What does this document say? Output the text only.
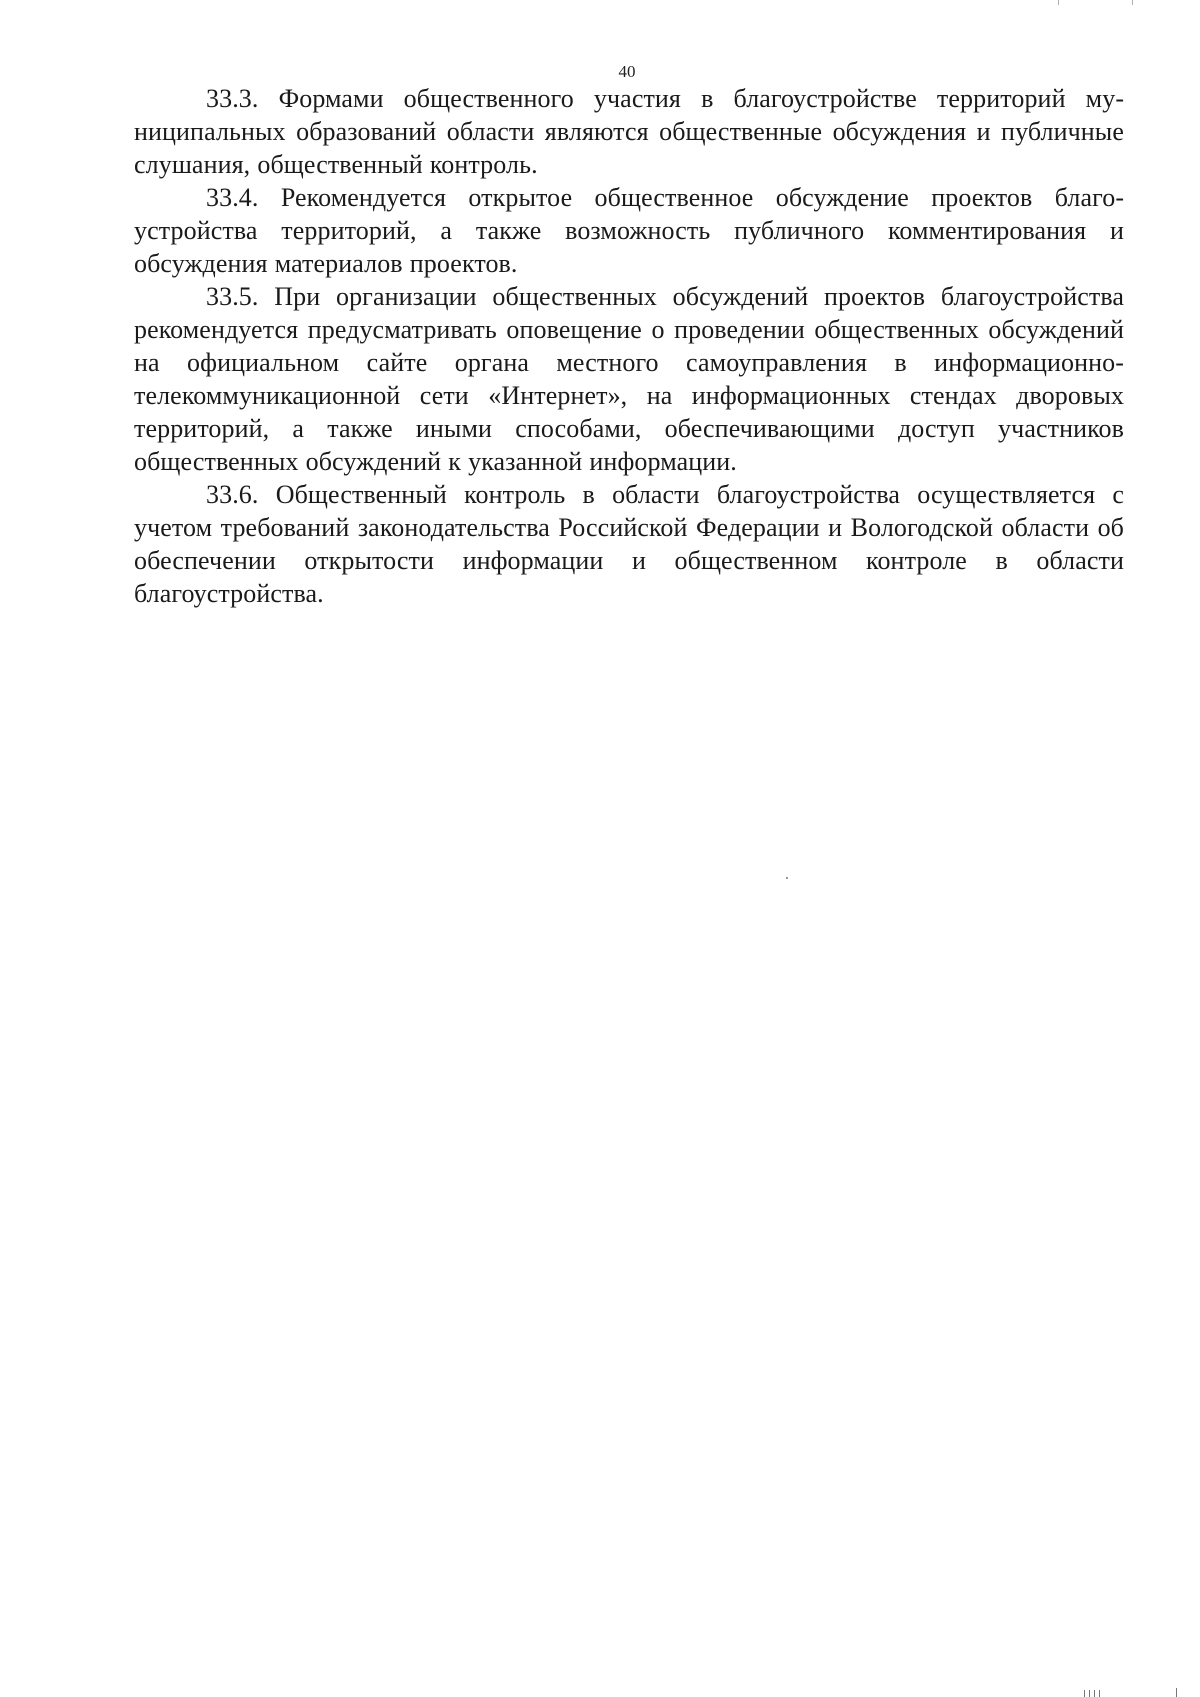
40

33.3. Формами общественного участия в благоустройстве территорий муниципальных образований области являются общественные обсуждения и публичные слушания, общественный контроль.

33.4. Рекомендуется открытое общественное обсуждение проектов благоустройства территорий, а также возможность публичного комментирования и обсуждения материалов проектов.

33.5. При организации общественных обсуждений проектов благоустройства рекомендуется предусматривать оповещение о проведении общественных обсуждений на официальном сайте органа местного самоуправления в информационно-телекоммуникационной сети «Интернет», на информационных стендах дворовых территорий, а также иными способами, обеспечивающими доступ участников общественных обсуждений к указанной информации.

33.6. Общественный контроль в области благоустройства осуществляется с учетом требований законодательства Российской Федерации и Вологодской области об обеспечении открытости информации и общественном контроле в области благоустройства.
